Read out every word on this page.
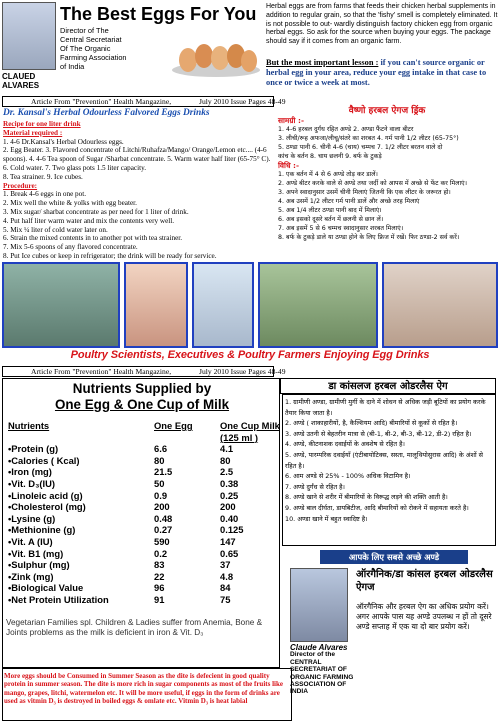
CLAUED
ALVARES
The Best Eggs For You
Director of The
Central Secretariat
Of The Organic
Farming Association
of India
Herbal eggs are from farms that feeds their chicken herbal supplements in addition to regular grain, so that the 'fishy' smell is completely eliminated. It is not possible to out- wardly distinguish factory chicken egg from organic herbal eggs. So ask for the source when buying your eggs. The package should say if it comes from an organic farm.
But the most important lesson : if you can't source organic or herbal egg in your area, reduce your egg intake in that case to once or twice a week at most.
Article From "Prevention" Health Mangazine,	July 2010 Issue Pages 48-49
Dr. Kansal's Herbal Odourless Falvored Eggs Drinks
Recipe for one liter drink
Material required :
1. 4-6 Dr.Kansal's Herbal Odourless eggs.
2. Egg Beater. 3. Flavored concentrate of Litchi/Ruhafza/Mango/ Orange/Lemon etc.... (4-6 spoons). 4. 4-6 Tea spoon of Sugar /Sharbat concentrate. 5. Warm water half liter (65-75° C).
6. Cold water. 7. Two glass pots 1.5 liter capacity.
8. Tea strainer. 9. Ice cubes.
Procedure:
1. Break 4-6 eggs in one pot.
2. Mix well the white & yolks with egg beater.
3. Mix sugar/ sharbat concentrate as per need for 1 liter of drink.
4. Put half liter warm water and mix the contents very well.
5. Mix ¼ liter of cold water later on.
6. Strain the mixed contents in to another pot with tea strainer.
7. Mix 5-6 spoons of any flavored concentrate.
8. Put Ice cubes or keep in refrigerator; the drink will be ready for service.
वैष्णो हरबल ऐगज ड्रिंक
सामग्री :-
1. 4-6 हरबल दुर्गंध रहित अण्डे 2. अण्डा फैंटने वाला बीटर
3. लीची/रूह अफजा/लीचू/संतरे का शरबत 4. गर्म पानी 1/2 लीटर (65-75°)
5. ठण्डा पानी 6. चीनी 4-6 (चाय) चम्मच 7. 1/2 लीटर बरतन वाले दो
कांच के बर्तन 8. चाय छलनी 9. बर्फ के टुकड़े
विधि :-
1. एक बर्तन में 4 से 6 अण्डे तोड़ कर डालें।
2. अण्डे बीटर करके वाले से अण्डे तथा जर्दी को आपस में अच्छे से फेंट कर मिलाएं।
3. अपने स्वादानुसार उसमें चीनी मिलाएं जितनी कि एक लीटर के जरूरत हो।
4. अब उसमें 1/2 लीटर गर्म पानी डालें और अच्छे तरह मिलाएं
5. अब 1/4 लीटर ठण्डा पानी बाद में मिलाएं।
6. अब इसको दूसरे बर्तन में छलनी से छान लें।
7. अब इसमें 5 से 6 चम्मच स्वादानुसार शरबत मिलाएं।
8. बर्फ के टुकड़े डाले या ठण्डा होने के लिए फ्रिज में रखें। फिर ठण्डा-2 सर्व करें।
Poultry Scientists, Executives & Poultry Farmers Enjoying Egg Drinks
Article From "Prevention" Health Mangazine,	July 2010 Issue Pages 48-49
डा कांसलज हरबल ओडरलैस ऐग
Nutrients Supplied by
One Egg & One Cup of Milk
Nutrients	One Egg	One Cup Milk
(125 ml )
•Protein (g)	6.6	4.1
•Calories ( Kcal)	80	80
•Iron (mg)	21.5	2.5
•Vit. D₃(IU)	50	0.38
•Linoleic acid (g)	0.9	0.25
•Cholesterol (mg)	200	200
•Lysine (g)	0.48	0.40
•Methionine (g)	0.27	0.125
•Vit. A (IU)	590	147
•Vit. B1 (mg)	0.2	0.65
•Sulphur (mg)	83	37
•Zink (mg)	22	4.8
•Biological Value	96	84
•Net Protein Utilization	91	75
Vegetarian Families spl. Children & Ladies suffer from Anemia, Bone & Joints problems as the milk is deficient in iron & Vit. D₃
More eggs should be Consumed in Summer Season as the dite is defecient in good quality protein in summer season. The dite is more rich in sugar components as most of the fruits like mango, grapes, litchi, watermelon etc. It will be more useful, if eggs in the form of drinks are used as vitmin D₃ is destroyed in boiled eggs & omlate etc. Vitmin D₃ is heat labial
1. ग्रामीणी अण्डा, ग्रामीणी मुर्गी के दाने में शोधन से अधिक जड़ी बूटियों का प्रयोग करके तैयार किया जाता है।
2. अण्डे ( शाकाहारीयों, है, कैल्शियम आदि) बीमारियों से कूकों से रहित है।
3. अण्डे उतनी से बेहतरीन मात्रा से (बी-1, बी-2, बी-3, बी-12, डी-2) रहित है।
4. अण्डे, कीटनाशक दवाईयों के अवशेष से रहित है।
5. अण्डे, पारम्परिक दवाईयाँ (एंटीबायोटिक्स, सस्ता, मालूथियोसुरास आदि) के अंशों से रहित है।
6. आम अण्डे से 25% - 100% अधिक विटामिन है।
7. अण्डे दुर्गंध से रहित है।
8. अण्डे खाने से शरीर में बीमारियों के विरूद्ध लड़ने की शक्ति आती है।
9. अण्डे बाल दीर्घता, डायबिटीज, आदि बीमारियों को रोकने में सहायता करते है।
10. अण्डा खाने में बहुत स्वादिष्ट है।
आपके लिए सबसे अच्छे अण्डे
Claude Alvares
Director of the CENTRAL SECRETARIAT OF ORGANIC FARMING ASSOCIATION OF INDIA
ऑरगैनिक/डा कांसल हरबल ओडरलैस ऐगज
ऑरगैनिक और हरबल ऐग का अधिक प्रयोग करें। अगर आपके पास यह अण्डे उपलब्ध न हों तो दूसरे अण्डे सप्ताह में एक या दो बार प्रयोग करें।
